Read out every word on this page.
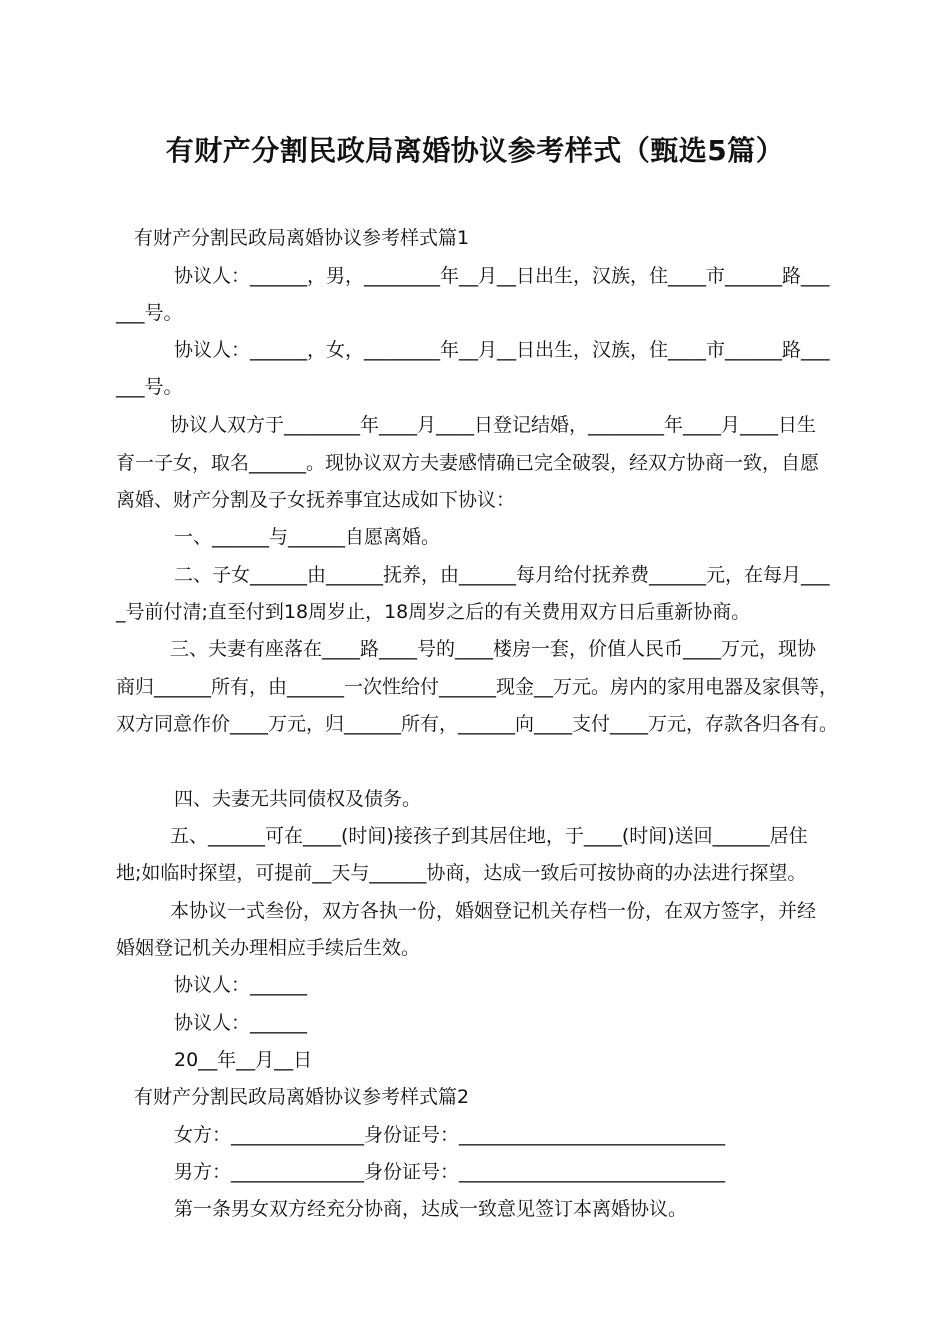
有财产分割民政局离婚协议参考样式（甄选5篇）
有财产分割民政局离婚协议参考样式篇1
协议人：______，男，________年__月__日出生，汉族，住____市______路___
___号。
协议人：______，女，________年__月__日出生，汉族，住____市______路___
___号。
协议人双方于________年____月____日登记结婚，________年____月____日生
育一子女，取名______。现协议双方夫妻感情确已完全破裂，经双方协商一致，自愿
离婚、财产分割及子女抚养事宜达成如下协议：
一、______与______自愿离婚。
二、子女______由______抚养，由______每月给付抚养费______元，在每月___
_号前付清;直至付到18周岁止，18周岁之后的有关费用双方日后重新协商。
三、夫妻有座落在____路____号的____楼房一套，价值人民币____万元，现协
商归______所有，由______一次性给付______现金__万元。房内的家用电器及家俱等，
双方同意作价____万元，归______所有，______向____支付____万元，存款各归各有。
四、夫妻无共同债权及债务。
五、______可在____(时间)接孩子到其居住地，于____(时间)送回______居住
地;如临时探望，可提前__天与______协商，达成一致后可按协商的办法进行探望。
本协议一式叁份，双方各执一份，婚姻登记机关存档一份，在双方签字，并经
婚姻登记机关办理相应手续后生效。
协议人：______
协议人：______
20__年__月__日
有财产分割民政局离婚协议参考样式篇2
女方：______________身份证号：____________________________
男方：______________身份证号：____________________________
第一条男女双方经充分协商，达成一致意见签订本离婚协议。
